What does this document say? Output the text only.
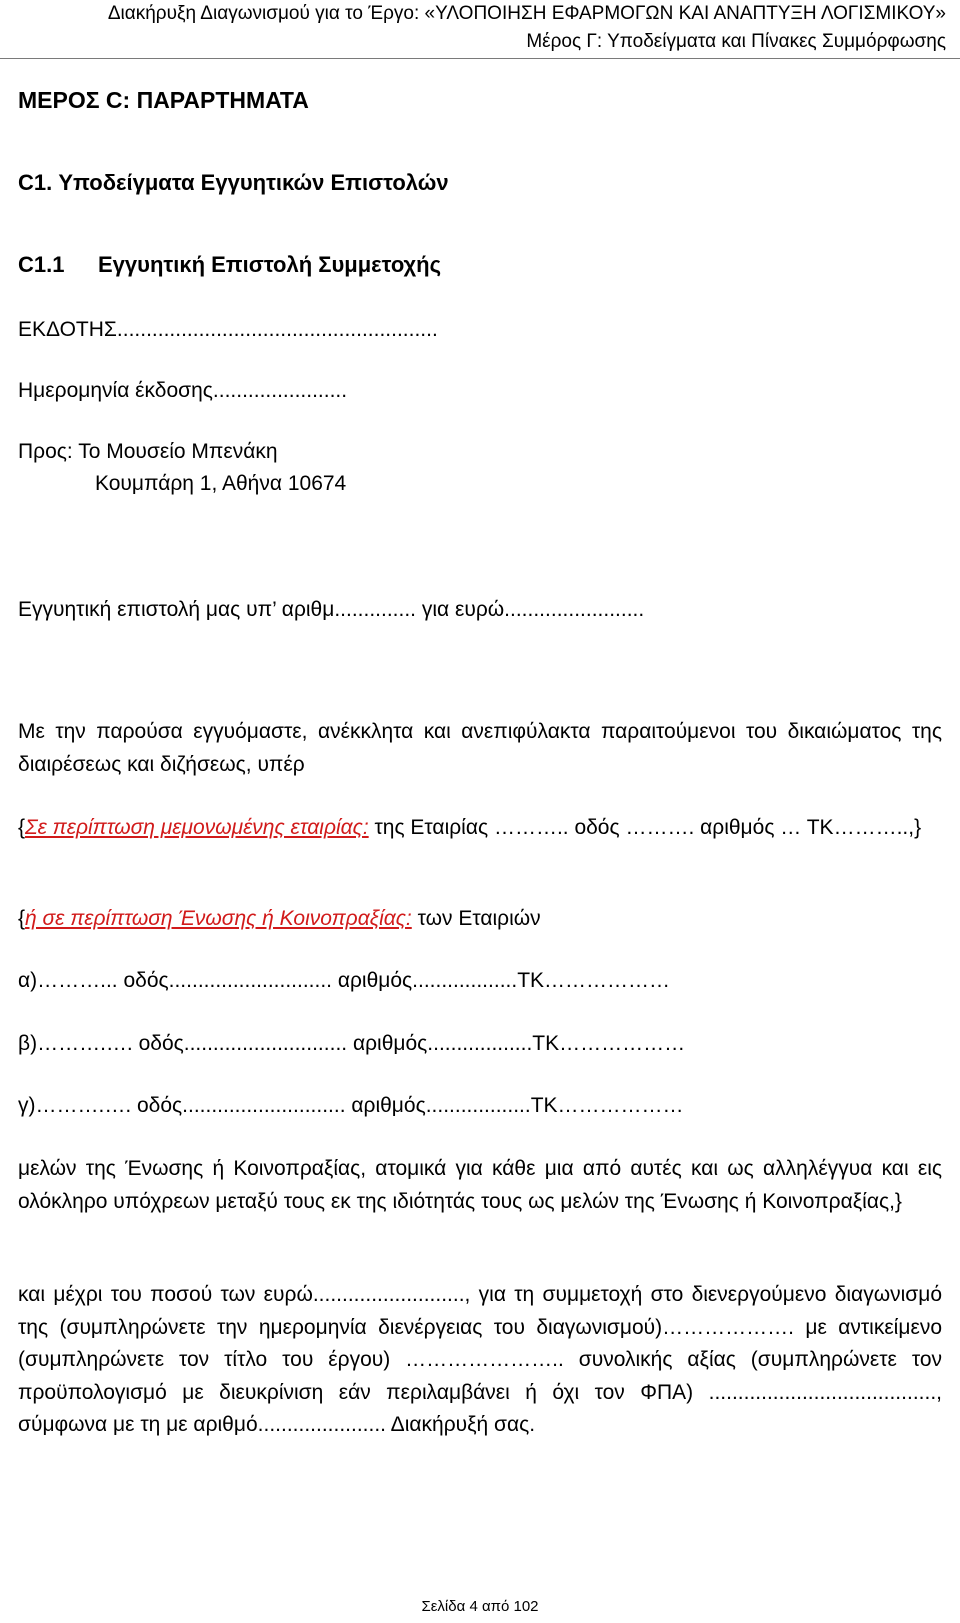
Διακήρυξη Διαγωνισμού για το Έργο: «ΥΛΟΠΟΙΗΣΗ ΕΦΑΡΜΟΓΩΝ ΚΑΙ ΑΝΑΠΤΥΞΗ ΛΟΓΙΣΜΙΚΟΥ»
Μέρος Γ: Υποδείγματα και Πίνακες Συμμόρφωσης
ΜΕΡΟΣ C: ΠΑΡΑΡΤΗΜΑΤΑ
C1. Υποδείγματα Εγγυητικών Επιστολών
C1.1 Εγγυητική Επιστολή Συμμετοχής
ΕΚΔΟΤΗΣ.......................................................
Ημερομηνία έκδοσης.......................
Προς: Το Μουσείο Μπενάκη
Κουμπάρη 1, Αθήνα 10674
Εγγυητική επιστολή μας υπ’ αριθμ.............. για ευρώ........................
Με την παρούσα εγγυόμαστε, ανέκκλητα και ανεπιφύλακτα παραιτούμενοι του δικαιώματος της διαιρέσεως και διζήσεως, υπέρ
{Σε περίπτωση μεμονωμένης εταιρίας: της Εταιρίας ……….. οδός ………. αριθμός … ΤΚ………..,}
{ή σε περίπτωση Ένωσης ή Κοινοπραξίας: των Εταιριών
α)………... οδός............................ αριθμός..................ΤΚ………………
β)……….…. οδός............................ αριθμός..................ΤΚ………………
γ)……….…. οδός............................ αριθμός..................ΤΚ………………
μελών της Ένωσης ή Κοινοπραξίας, ατομικά για κάθε μια από αυτές και ως αλληλέγγυα και εις ολόκληρο υπόχρεων μεταξύ τους εκ της ιδιότητάς τους ως μελών της Ένωσης ή Κοινοπραξίας,}
και μέχρι του ποσού των ευρώ.........................., για τη συμμετοχή στο διενεργούμενο διαγωνισμό της (συμπληρώνετε την ημερομηνία διενέργειας του διαγωνισμού)………………. με αντικείμενο (συμπληρώνετε τον τίτλο του έργου) ………………….. συνολικής αξίας (συμπληρώνετε τον προϋπολογισμό με διευκρίνιση εάν περιλαμβάνει ή όχι τον ΦΠΑ) ......................................., σύμφωνα με τη με αριθμό...................... Διακήρυξή σας.
Σελίδα 4 από 102
